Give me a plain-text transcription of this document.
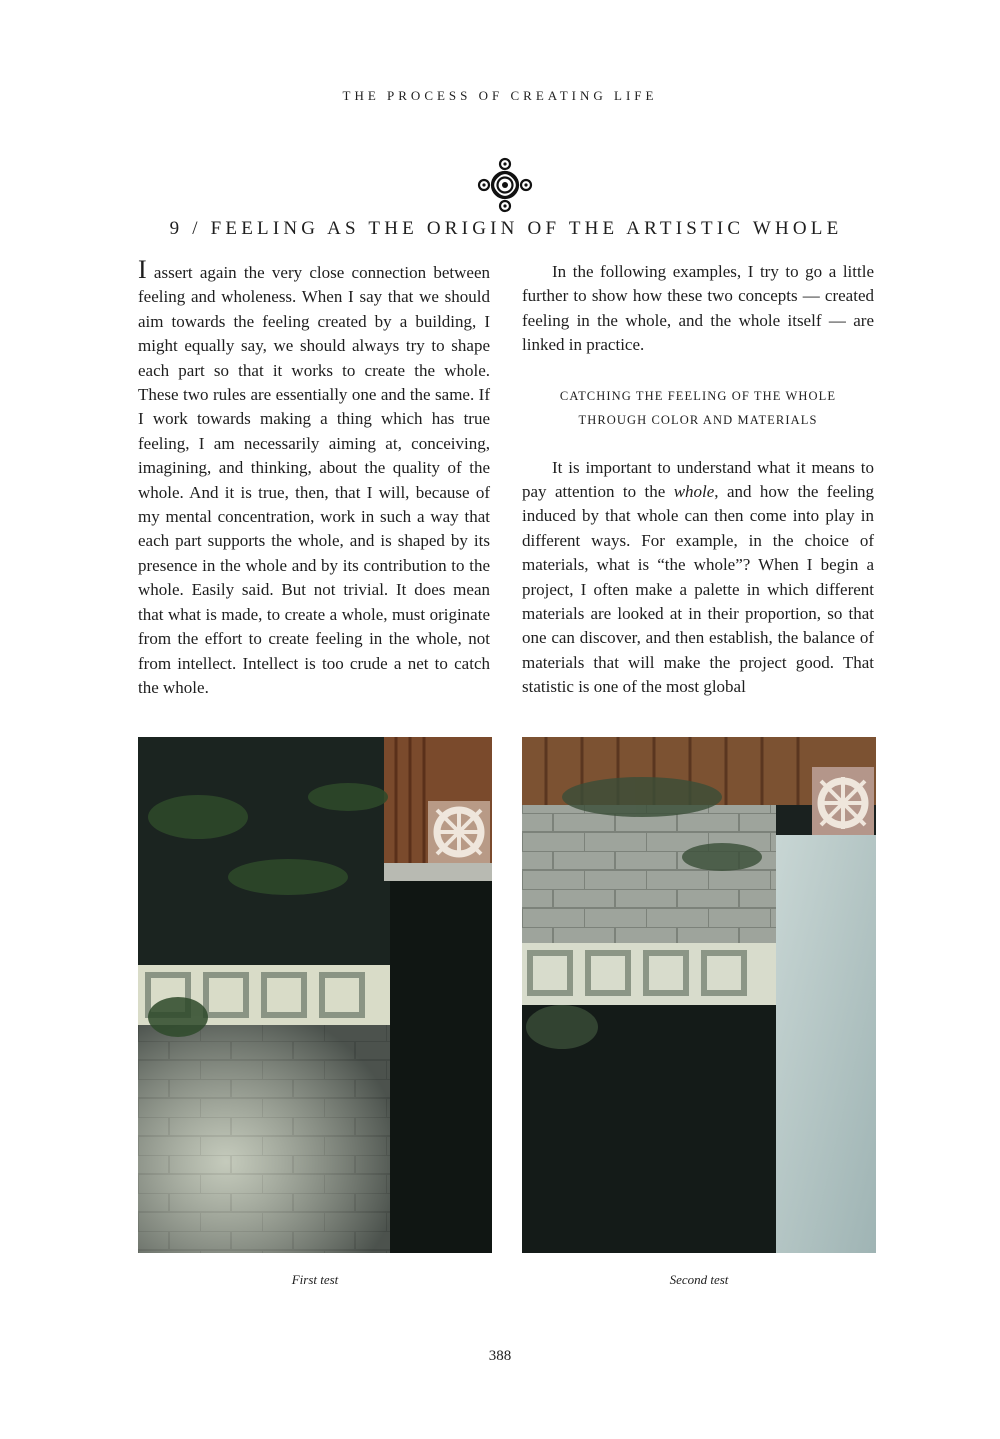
THE PROCESS OF CREATING LIFE
9 / FEELING AS THE ORIGIN OF THE ARTISTIC WHOLE

I assert again the very close connection between feeling and wholeness. When I say that we should aim towards the feeling created by a building, I might equally say, we should always try to shape each part so that it works to create the whole. These two rules are essentially one and the same. If I work towards making a thing which has true feeling, I am necessarily aiming at, conceiving, imagining, and thinking, about the quality of the whole. And it is true, then, that I will, because of my mental concentration, work in such a way that each part supports the whole, and is shaped by its presence in the whole and by its contribution to the whole. Easily said. But not trivial. It does mean that what is made, to create a whole, must originate from the effort to create feeling in the whole, not from intellect. Intellect is too crude a net to catch the whole.

In the following examples, I try to go a little further to show how these two concepts — created feeling in the whole, and the whole itself — are linked in practice.

CATCHING THE FEELING OF THE WHOLE
THROUGH COLOR AND MATERIALS

It is important to understand what it means to pay attention to the whole, and how the feeling induced by that whole can then come into play in different ways. For example, in the choice of materials, what is “the whole”? When I begin a project, I often make a palette in which different materials are looked at in their proportion, so that one can discover, and then establish, the balance of materials that will make the project good. That statistic is one of the most global

First test	Second test
388
